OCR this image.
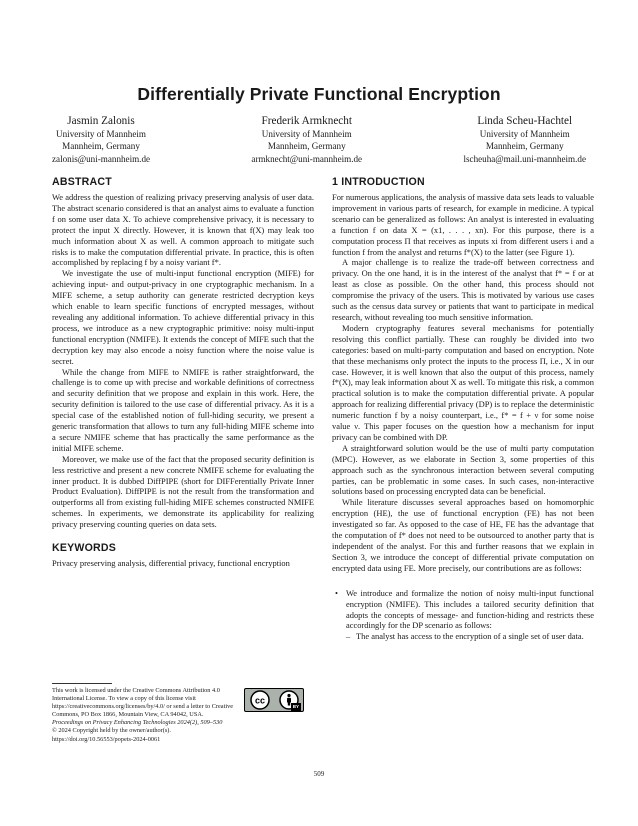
Differentially Private Functional Encryption
Jasmin Zalonis
University of Mannheim
Mannheim, Germany
zalonis@uni-mannheim.de
Frederik Armknecht
University of Mannheim
Mannheim, Germany
armknecht@uni-mannheim.de
Linda Scheu-Hachtel
University of Mannheim
Mannheim, Germany
lscheuha@mail.uni-mannheim.de
ABSTRACT

We address the question of realizing privacy preserving analysis of user data. The abstract scenario considered is that an analyst aims to evaluate a function f on some user data X. To achieve comprehensive privacy, it is necessary to protect the input X directly. However, it is known that f(X) may leak too much information about X as well. A common approach to mitigate such risks is to make the computation differential private. In practice, this is often accomplished by replacing f by a noisy variant f*.

We investigate the use of multi-input functional encryption (MIFE) for achieving input- and output-privacy in one cryptographic mechanism. In a MIFE scheme, a setup authority can generate restricted decryption keys which enable to learn specific functions of encrypted messages, without revealing any additional information. To achieve differential privacy in this process, we introduce as a new cryptographic primitive: noisy multi-input functional encryption (NMIFE). It extends the concept of MIFE such that the decryption key may also encode a noisy function where the noise value is secret.

While the change from MIFE to NMIFE is rather straightforward, the challenge is to come up with precise and workable definitions of correctness and security definition that we propose and explain in this work. Here, the security definition is tailored to the use case of differential privacy. As it is a special case of the established notion of full-hiding security, we present a generic transformation that allows to turn any full-hiding MIFE scheme into a secure NMIFE scheme that has practically the same performance as the initial MIFE scheme.

Moreover, we make use of the fact that the proposed security definition is less restrictive and present a new concrete NMIFE scheme for evaluating the inner product. It is dubbed DiffPIPE (short for DIFFerentially Private Inner Product Evaluation). DiffPIPE is not the result from the transformation and outperforms all from existing full-hiding MIFE schemes constructed NMIFE schemes. In experiments, we demonstrate its applicability for realizing privacy preserving counting queries on data sets.

KEYWORDS

Privacy preserving analysis, differential privacy, functional encryption

This work is licensed under the Creative Commons Attribution 4.0 International License. To view a copy of this license visit https://creativecommons.org/licenses/by/4.0/ or send a letter to Creative Commons, PO Box 1866, Mountain View, CA 94042, USA.
cc
BY
Proceedings on Privacy Enhancing Technologies 2024(2), 509–530
© 2024 Copyright held by the owner/author(s).
https://doi.org/10.56553/popets-2024-0061
1 INTRODUCTION

For numerous applications, the analysis of massive data sets leads to valuable improvement in various parts of research, for example in medicine. A typical scenario can be generalized as follows: An analyst is interested in evaluating a function f on data X = (x1, . . . , xn). For this purpose, there is a computation process Π that receives as inputs xi from different users i and a function f from the analyst and returns f*(X) to the latter (see Figure 1).

A major challenge is to realize the trade-off between correctness and privacy. On the one hand, it is in the interest of the analyst that f* = f or at least as close as possible. On the other hand, this process should not compromise the privacy of the users. This is motivated by various use cases such as the census data survey or patients that want to participate in medical research, without revealing too much sensitive information.

Modern cryptography features several mechanisms for potentially resolving this conflict partially. These can roughly be divided into two categories: based on multi-party computation and based on encryption. Note that these mechanisms only protect the inputs to the process Π, i.e., X in our case. However, it is well known that also the output of this process, namely f*(X), may leak information about X as well. To mitigate this risk, a common practical solution is to make the computation differential private. A popular approach for realizing differential privacy (DP) is to replace the deterministic numeric function f by a noisy counterpart, i.e., f* = f + ν for some noise value ν. This paper focuses on the question how a mechanism for input privacy can be combined with DP.

A straightforward solution would be the use of multi party computation (MPC). However, as we elaborate in Section 3, some properties of this approach such as the synchronous interaction between several computing parties, can be problematic in some cases. In such cases, non-interactive solutions based on processing encrypted data can be beneficial.

While literature discusses several approaches based on homomorphic encryption (HE), the use of functional encryption (FE) has not been investigated so far. As opposed to the case of HE, FE has the advantage that the computation of f* does not need to be outsourced to another party that is independent of the analyst. For this and further reasons that we explain in Section 3, we introduce the concept of differential private computation on encrypted data using FE. More precisely, our contributions are as follows:

• We introduce and formalize the notion of noisy multi-input functional encryption (NMIFE). This includes a tailored security definition that adopts the concepts of message- and function-hiding and restricts these accordingly for the DP scenario as follows:
– The analyst has access to the encryption of a single set of user data.
509
